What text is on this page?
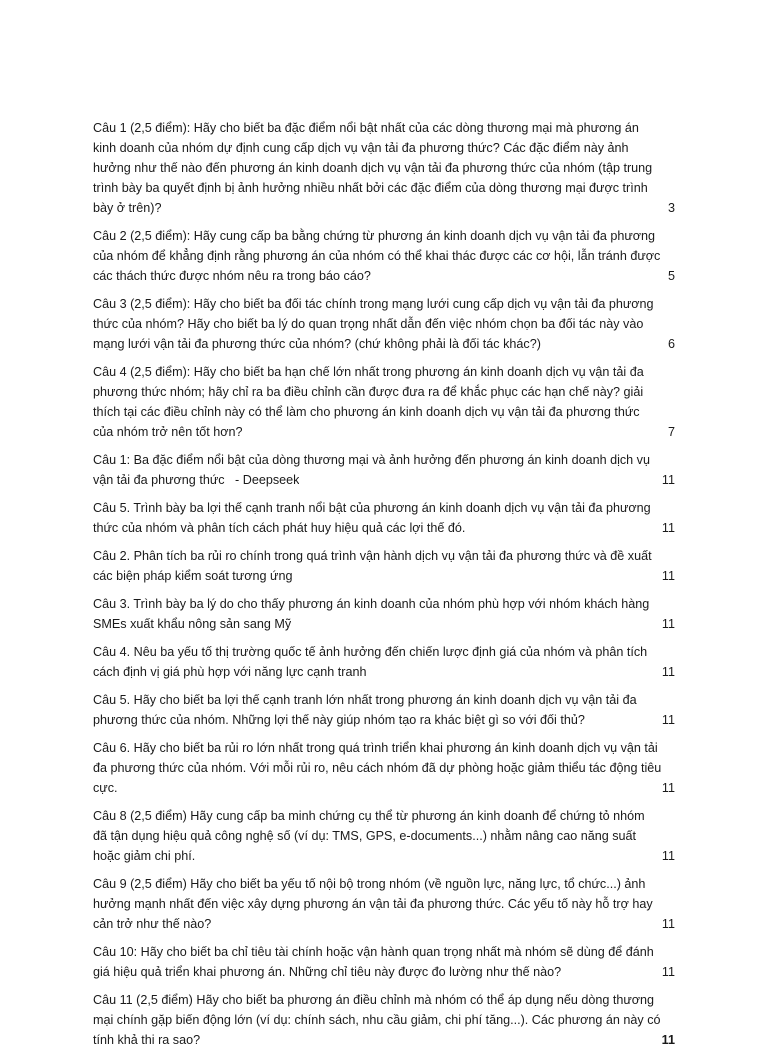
Câu 1 (2,5 điểm): Hãy cho biết ba đặc điểm nổi bật nhất của các dòng thương mại mà phương án
kinh doanh của nhóm dự định cung cấp dịch vụ vận tải đa phương thức? Các đặc điểm này ảnh
hưởng như thế nào đến phương án kinh doanh dịch vụ vận tải đa phương thức của nhóm (tập trung
trình bày ba quyết định bị ảnh hưởng nhiều nhất bởi các đặc điểm của dòng thương mại được trình
bày ở trên)?	3
Câu 2 (2,5 điểm): Hãy cung cấp ba bằng chứng từ phương án kinh doanh dịch vụ vận tải đa phương
của nhóm để khẳng định rằng phương án của nhóm có thể khai thác được các cơ hội, lẫn tránh được
các thách thức được nhóm nêu ra trong báo cáo?	5
Câu 3 (2,5 điểm): Hãy cho biết ba đối tác chính trong mạng lưới cung cấp dịch vụ vận tải đa phương
thức của nhóm? Hãy cho biết ba lý do quan trọng nhất dẫn đến việc nhóm chọn ba đối tác này vào
mạng lưới vận tải đa phương thức của nhóm? (chứ không phải là đối tác khác?)	6
Câu 4 (2,5 điểm): Hãy cho biết ba hạn chế lớn nhất trong phương án kinh doanh dịch vụ vận tải đa
phương thức nhóm; hãy chỉ ra ba điều chỉnh cần được đưa ra để khắc phục các hạn chế này? giải
thích tại các điều chỉnh này có thể làm cho phương án kinh doanh dịch vụ vận tải đa phương thức
của nhóm trở nên tốt hơn?	7
Câu 1: Ba đặc điểm nổi bật của dòng thương mại và ảnh hưởng đến phương án kinh doanh dịch vụ
vận tải đa phương thức   - Deepseek	11
Câu 5. Trình bày ba lợi thế cạnh tranh nổi bật của phương án kinh doanh dịch vụ vận tải đa phương
thức của nhóm và phân tích cách phát huy hiệu quả các lợi thế đó.	11
Câu 2. Phân tích ba rủi ro chính trong quá trình vận hành dịch vụ vận tải đa phương thức và đề xuất
các biện pháp kiểm soát tương ứng	11
Câu 3. Trình bày ba lý do cho thấy phương án kinh doanh của nhóm phù hợp với nhóm khách hàng
SMEs xuất khẩu nông sản sang Mỹ	11
Câu 4. Nêu ba yếu tố thị trường quốc tế ảnh hưởng đến chiến lược định giá của nhóm và phân tích
cách định vị giá phù hợp với năng lực cạnh tranh	11
Câu 5. Hãy cho biết ba lợi thế cạnh tranh lớn nhất trong phương án kinh doanh dịch vụ vận tải đa
phương thức của nhóm. Những lợi thế này giúp nhóm tạo ra khác biệt gì so với đối thủ?	11
Câu 6. Hãy cho biết ba rủi ro lớn nhất trong quá trình triển khai phương án kinh doanh dịch vụ vận tải
đa phương thức của nhóm. Với mỗi rủi ro, nêu cách nhóm đã dự phòng hoặc giảm thiểu tác động tiêu
cực.	11
Câu 8 (2,5 điểm) Hãy cung cấp ba minh chứng cụ thể từ phương án kinh doanh để chứng tỏ nhóm
đã tận dụng hiệu quả công nghệ số (ví dụ: TMS, GPS, e-documents...) nhằm nâng cao năng suất
hoặc giảm chi phí.	11
Câu 9 (2,5 điểm) Hãy cho biết ba yếu tố nội bộ trong nhóm (về nguồn lực, năng lực, tổ chức...) ảnh
hưởng mạnh nhất đến việc xây dựng phương án vận tải đa phương thức. Các yếu tố này hỗ trợ hay
cản trở như thế nào?	11
Câu 10: Hãy cho biết ba chỉ tiêu tài chính hoặc vận hành quan trọng nhất mà nhóm sẽ dùng để đánh
giá hiệu quả triển khai phương án. Những chỉ tiêu này được đo lường như thế nào?	11
Câu 11 (2,5 điểm) Hãy cho biết ba phương án điều chỉnh mà nhóm có thể áp dụng nếu dòng thương
mại chính gặp biến động lớn (ví dụ: chính sách, nhu cầu giảm, chi phí tăng...). Các phương án này có
tính khả thi ra sao?	11
